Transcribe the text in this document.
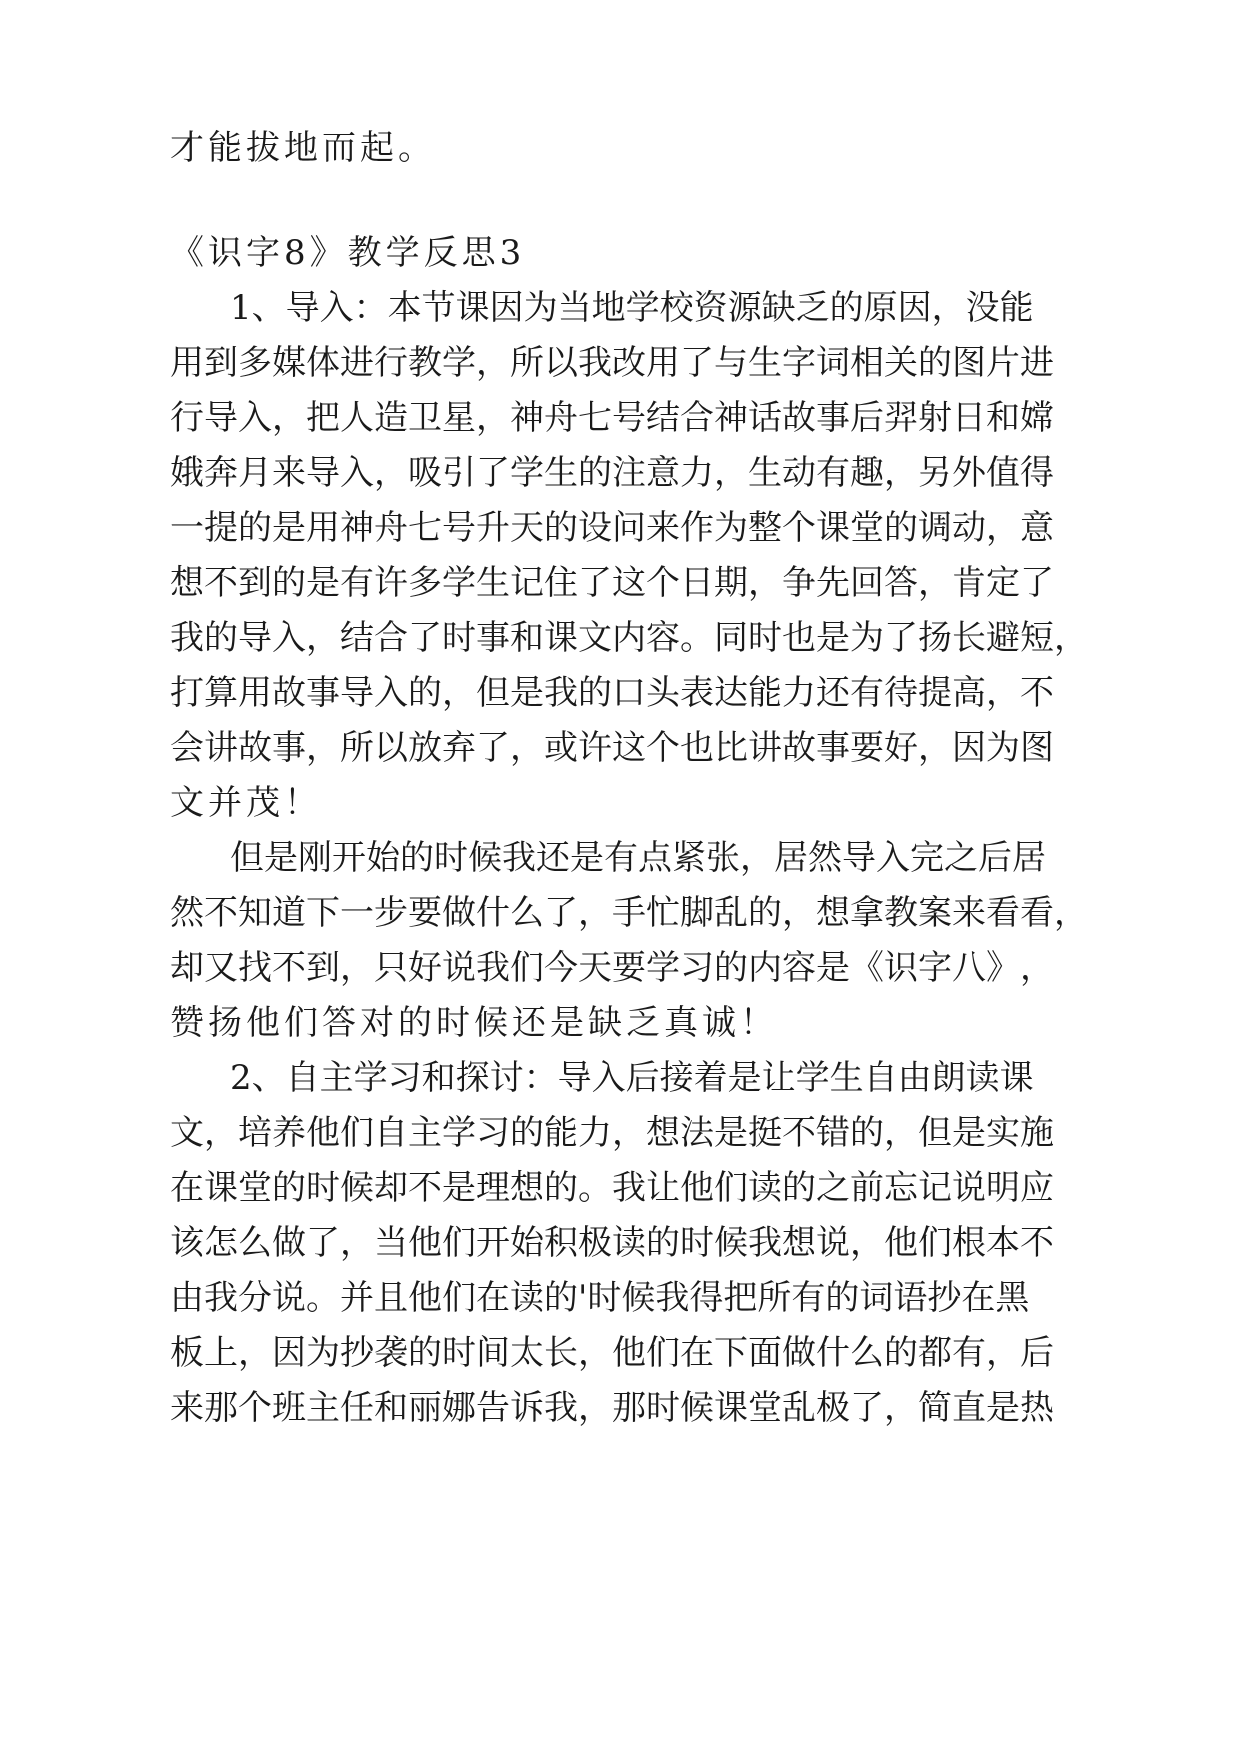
才能拔地而起。
《识字8》教学反思3
1 、 导 入 ： 本 节 课 因 为 当 地 学 校 资 源 缺 乏 的 原 因 ， 没 能
用 到 多 媒 体 进 行 教 学 ， 所 以 我 改 用 了 与 生 字 词 相 关 的 图 片 进
行 导 入 ， 把 人 造 卫 星 ， 神 舟 七 号 结 合 神 话 故 事 后 羿 射 日 和 嫦
娥 奔 月 来 导 入 ， 吸 引 了 学 生 的 注 意 力 ， 生 动 有 趣 ， 另 外 值 得
一 提 的 是 用 神 舟 七 号 升 天 的 设 问 来 作 为 整 个 课 堂 的 调 动 ， 意
想 不 到 的 是 有 许 多 学 生 记 住 了 这 个 日 期 ， 争 先 回 答 ， 肯 定 了
我 的 导 入 ， 结 合 了 时 事 和 课 文 内 容 。 同 时 也 是 为 了 扬 长 避 短 ，
打 算 用 故 事 导 入 的 ， 但 是 我 的 口 头 表 达 能 力 还 有 待 提 高 ， 不
会 讲 故 事 ， 所 以 放 弃 了 ， 或 许 这 个 也 比 讲 故 事 要 好 ， 因 为 图
文并茂！
但 是 刚 开 始 的 时 候 我 还 是 有 点 紧 张 ， 居 然 导 入 完 之 后 居
然 不 知 道 下 一 步 要 做 什 么 了 ， 手 忙 脚 乱 的 ， 想 拿 教 案 来 看 看 ，
却 又 找 不 到 ， 只 好 说 我 们 今 天 要 学 习 的 内 容 是 《 识 字 八 》 ，
赞扬他们答对的时候还是缺乏真诚！
2 、 自 主 学 习 和 探 讨 ： 导 入 后 接 着 是 让 学 生 自 由 朗 读 课
文 ， 培 养 他 们 自 主 学 习 的 能 力 ， 想 法 是 挺 不 错 的 ， 但 是 实 施
在 课 堂 的 时 候 却 不 是 理 想 的 。 我 让 他 们 读 的 之 前 忘 记 说 明 应
该 怎 么 做 了 ， 当 他 们 开 始 积 极 读 的 时 候 我 想 说 ， 他 们 根 本 不
由 我 分 说 。 并 且 他 们 在 读 的 ' 时 候 我 得 把 所 有 的 词 语 抄 在 黑
板 上 ， 因 为 抄 袭 的 时 间 太 长 ， 他 们 在 下 面 做 什 么 的 都 有 ， 后
来 那 个 班 主 任 和 丽 娜 告 诉 我 ， 那 时 候 课 堂 乱 极 了 ， 简 直 是 热
